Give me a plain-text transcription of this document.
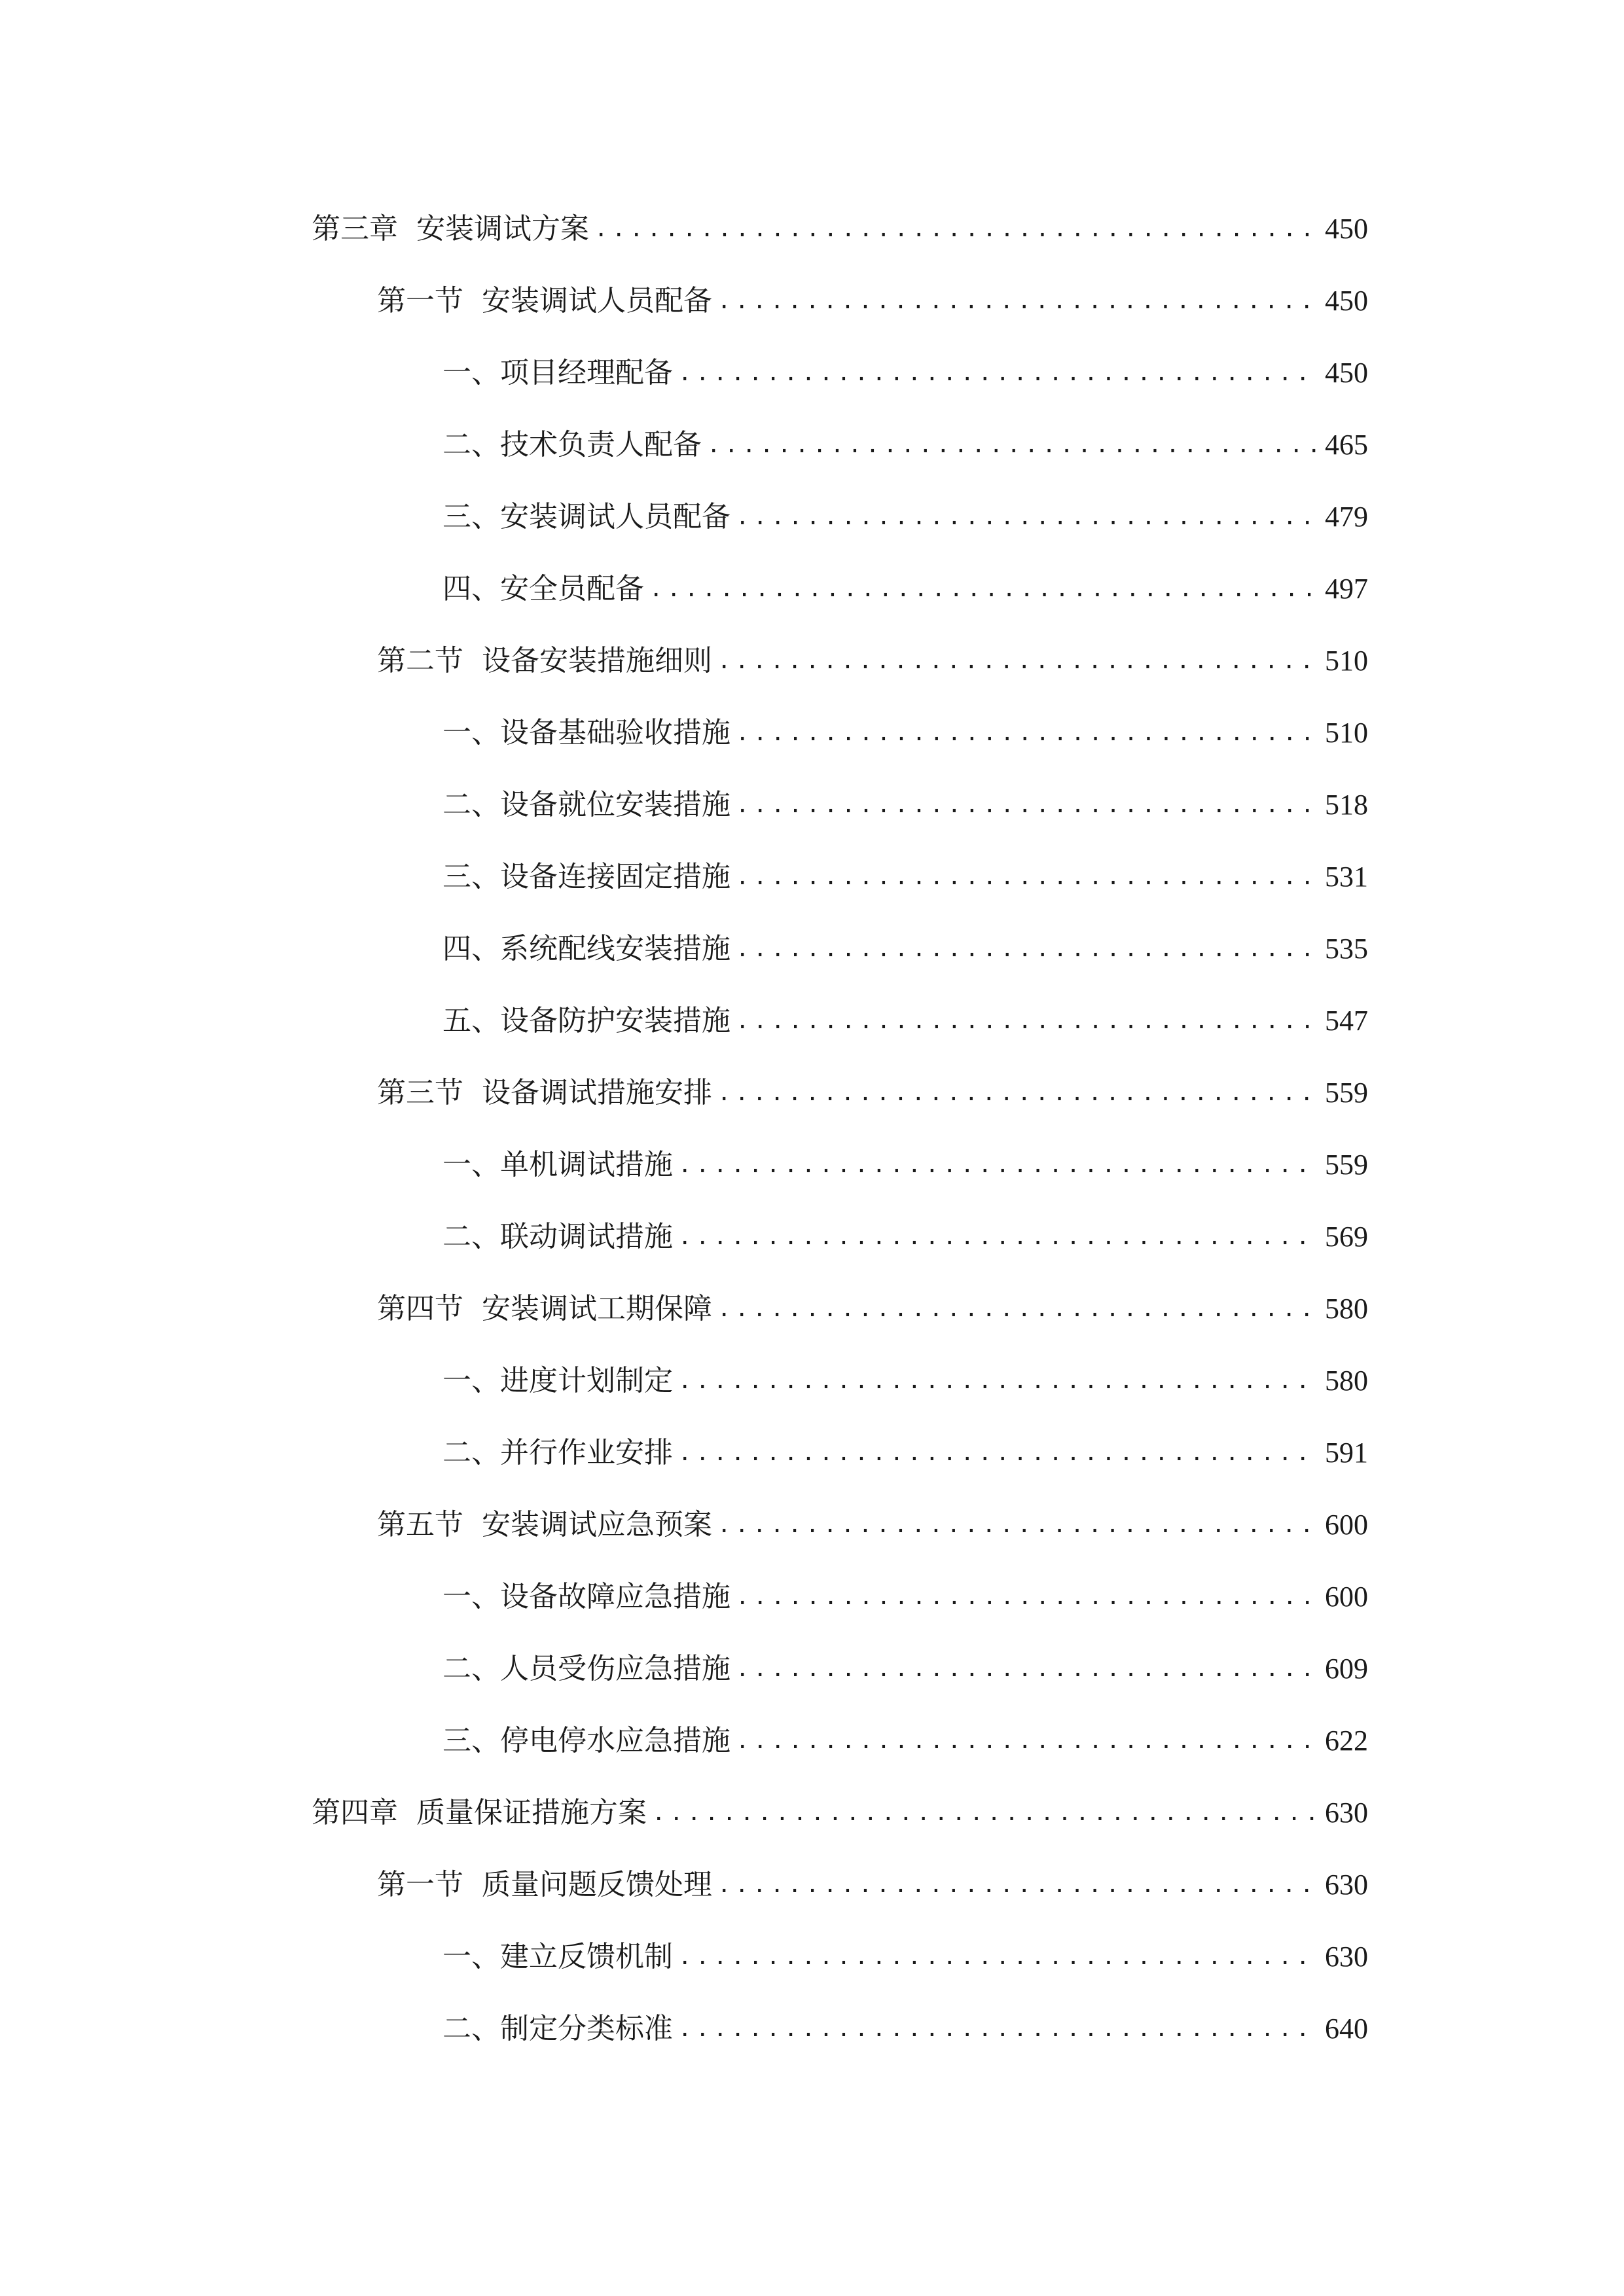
第三章 安装调试方案 .....	450
第一节 安装调试人员配备 .....	450
一、 项目经理配备 .....	450
二、 技术负责人配备 .....	465
三、 安装调试人员配备 .....	479
四、 安全员配备 .....	497
第二节 设备安装措施细则 .....	510
一、 设备基础验收措施 .....	510
二、 设备就位安装措施 .....	518
三、 设备连接固定措施 .....	531
四、 系统配线安装措施 .....	535
五、 设备防护安装措施 .....	547
第三节 设备调试措施安排 .....	559
一、 单机调试措施 .....	559
二、 联动调试措施 .....	569
第四节 安装调试工期保障 .....	580
一、 进度计划制定 .....	580
二、 并行作业安排 .....	591
第五节 安装调试应急预案 .....	600
一、 设备故障应急措施 .....	600
二、 人员受伤应急措施 .....	609
三、 停电停水应急措施 .....	622
第四章 质量保证措施方案 .....	630
第一节 质量问题反馈处理 .....	630
一、 建立反馈机制 .....	630
二、 制定分类标准 .....	640
